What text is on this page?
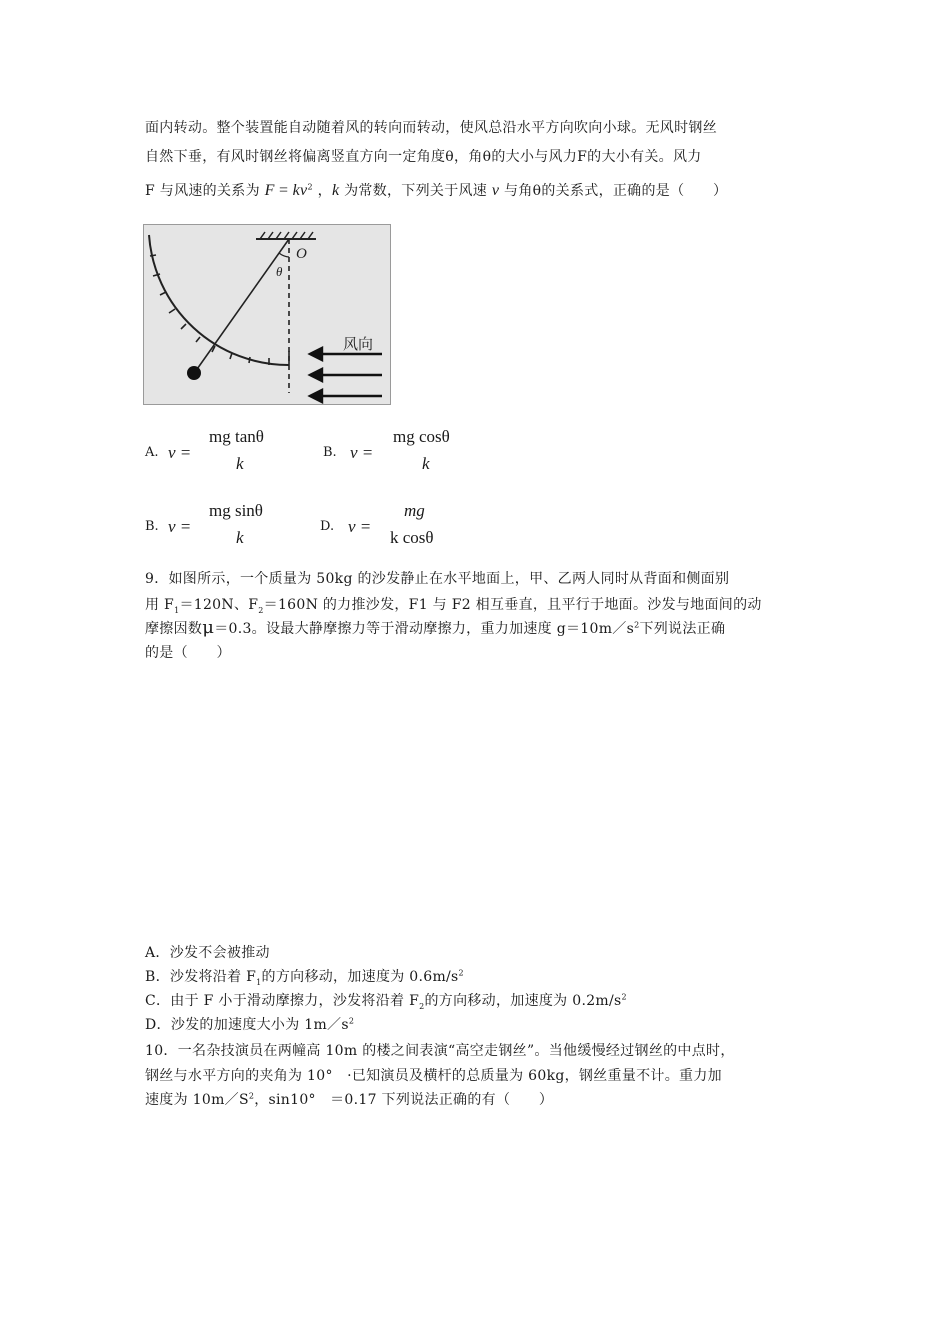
面内转动。整个装置能自动随着风的转向而转动，使风总沿水平方向吹向小球。无风时钢丝
自然下垂，有风时钢丝将偏离竖直方向一定角度θ，角θ的大小与风力F的大小有关。风力
F 与风速的关系为 $F = kv^2$ ，k 为常数，下列关于风速 v 与角θ的关系式，正确的是（　　）
θ
O
风向
A. v =
mg tanθ
k
B. v =
mg cosθ
k
B. v =
mg sinθ
k
D. v =
mg
k cosθ
9．如图所示，一个质量为 50kg 的沙发静止在水平地面上，甲、乙两人同时从背面和侧面别
用 $F_1=120N$、$F_2=160N$ 的力推沙发，F1 与 F2 相互垂直，且平行于地面。沙发与地面间的动
摩擦因数μ＝0.3。设最大静摩擦力等于滑动摩擦力，重力加速度 $g=10m/s^2$下列说法正确
的是（　　）
A．沙发不会被推动
B．沙发将沿着 $F_1$的方向移动，加速度为 $0.6m/s^2$
C．由于 F 小于滑动摩擦力，沙发将沿着 $F_2$的方向移动，加速度为 $0.2m/s^2$
D．沙发的加速度大小为 $1m/s^2$
10．一名杂技演员在两幢高 10m 的楼之间表演“高空走钢丝”。当他缓慢经过钢丝的中点时，
钢丝与水平方向的夹角为 10°　·已知演员及横杆的总质量为 60kg，钢丝重量不计。重力加
速度为 $10m/S^2$，sin10°　＝0.17 下列说法正确的有（　　）
